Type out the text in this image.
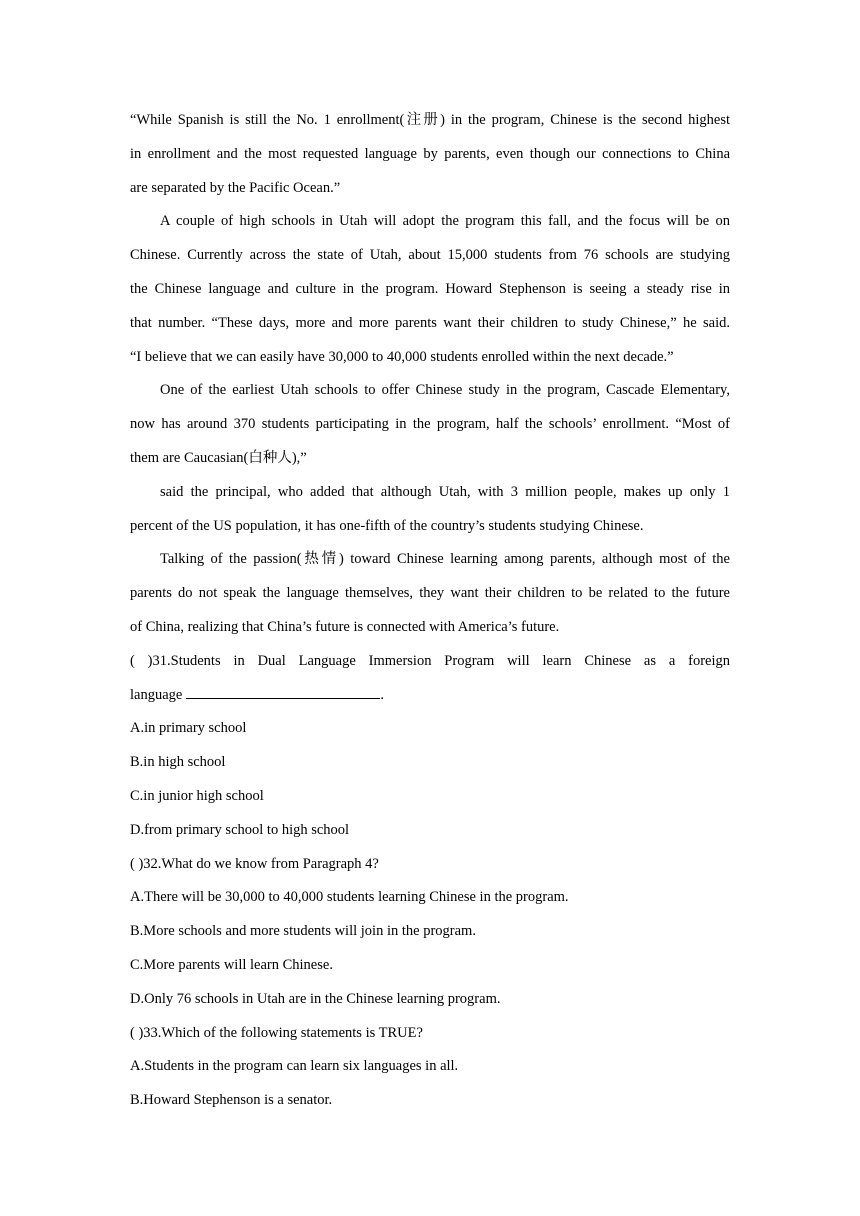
“While Spanish is still the No. 1 enrollment(注册) in the program, Chinese is the second highest
in enrollment and the most requested language by parents, even though our connections to China
are separated by the Pacific Ocean.”
A couple of high schools in Utah will adopt the program this fall, and the focus will be on
Chinese. Currently across the state of Utah, about 15,000 students from 76 schools are studying
the Chinese language and culture in the program. Howard Stephenson is seeing a steady rise in
that number. “These days, more and more parents want their children to study Chinese,” he said.
“I believe that we can easily have 30,000 to 40,000 students enrolled within the next decade.”
One of the earliest Utah schools to offer Chinese study in the program, Cascade Elementary,
now has around 370 students participating in the program, half the schools’ enrollment. “Most of
them are Caucasian(白种人),”
said the principal, who added that although Utah, with 3 million people, makes up only 1
percent of the US population, it has one-fifth of the country’s students studying Chinese.
Talking of the passion(热情) toward Chinese learning among parents, although most of the
parents do not speak the language themselves, they want their children to be related to the future
of China, realizing that China’s future is connected with America’s future.
( )31.Students in Dual Language Immersion Program will learn Chinese as a foreign
language	.
A.in primary school
B.in high school
C.in junior high school
D.from primary school to high school
( )32.What do we know from Paragraph 4?
A.There will be 30,000 to 40,000 students learning Chinese in the program.
B.More schools and more students will join in the program.
C.More parents will learn Chinese.
D.Only 76 schools in Utah are in the Chinese learning program.
( )33.Which of the following statements is TRUE?
A.Students in the program can learn six languages in all.
B.Howard Stephenson is a senator.
